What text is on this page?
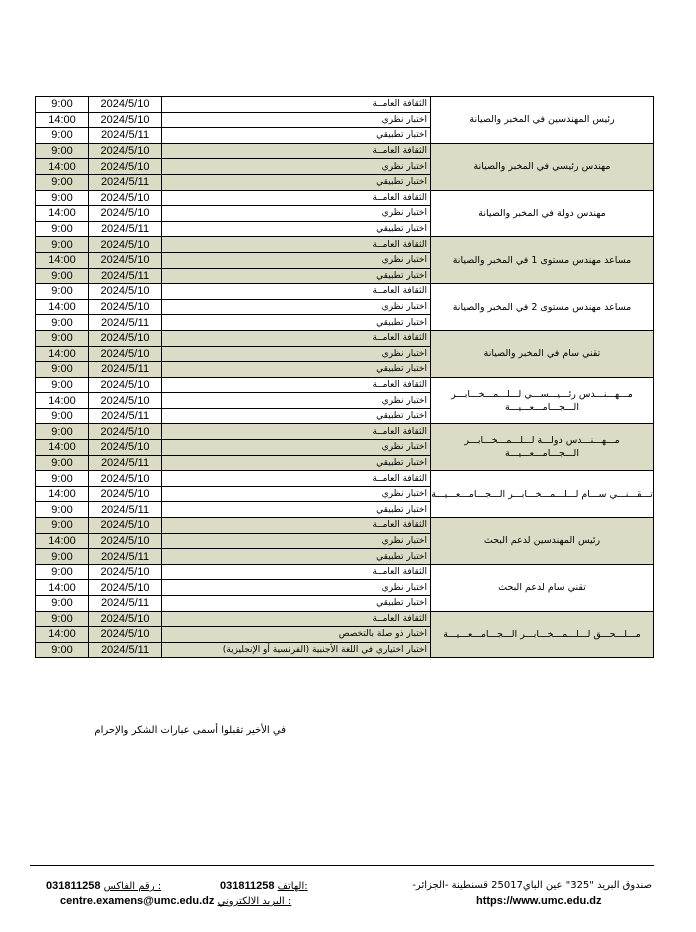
9:00	2024/5/10	الثقافة العامــة	رئيس المهندسين في المخبر والصيانة
14:00	2024/5/10	اختبار نظري	
9:00	2024/5/11	اختبار تطبيقي	
9:00	2024/5/10	الثقافة العامــة	مهندس رئيسي في المخبر والصيانة
14:00	2024/5/10	اختبار نظري	
9:00	2024/5/11	اختبار تطبيقي	
9:00	2024/5/10	الثقافة العامــة	مهندس دولة في المخبر والصيانة
14:00	2024/5/10	اختبار نظري	
9:00	2024/5/11	اختبار تطبيقي	
9:00	2024/5/10	الثقافة العامــة	مساعد مهندس مستوى 1 في المخبر والصيانة
14:00	2024/5/10	اختبار نظري	
9:00	2024/5/11	اختبار تطبيقي	
9:00	2024/5/10	الثقافة العامــة	مساعد مهندس مستوى 2 في المخبر والصيانة
14:00	2024/5/10	اختبار نظري	
9:00	2024/5/11	اختبار تطبيقي	
9:00	2024/5/10	الثقافة العامــة	تقني سام في المخبر والصيانة
14:00	2024/5/10	اختبار نظري	
9:00	2024/5/11	اختبار تطبيقي	
9:00	2024/5/10	الثقافة العامــة	مـــهـــنـــدس رئـــيـــســـي لـــلـــمـــخـــابـــر الـــجـــامـــعـــيـــة
14:00	2024/5/10	اختبار نظري	
9:00	2024/5/11	اختبار تطبيقي	
9:00	2024/5/10	الثقافة العامــة	مـــهـــنـــدس دولـــة لـــلـــمـــخـــابـــر الـــجـــامـــعـــيـــة
14:00	2024/5/10	اختبار نظري	
9:00	2024/5/11	اختبار تطبيقي	
9:00	2024/5/10	الثقافة العامــة	تـــقـــنـــي ســـام لـــلـــمـــخـــابـــر الـــجـــامـــعـــيـــة
14:00	2024/5/10	اختبار نظري	
9:00	2024/5/11	اختبار تطبيقي	
9:00	2024/5/10	الثقافة العامــة	رئيس المهندسين لدعم البحث
14:00	2024/5/10	اختبار نظري	
9:00	2024/5/11	اختبار تطبيقي	
9:00	2024/5/10	الثقافة العامــة	تقني سام لدعم البحث
14:00	2024/5/10	اختبار نظري	
9:00	2024/5/11	اختبار تطبيقي	
9:00	2024/5/10	الثقافة العامــة	مـــلـــحـــق لـــلـــمـــخـــابـــر الـــجـــامـــعـــيـــة
14:00	2024/5/10	اختبار ذو صلة بالتخصص	
9:00	2024/5/11	اختبار اختياري في اللغة الأجنبية (الفرنسية أو الإنجليزية)	
في الأخير تقبلوا أسمى عبارات الشكر والإحرام
031811258 رقم الفاكس :	031811258 الهاتف:	صندوق البريد "325" عين الباي25017 قسنطينة -الجزائر-
centre.examens@umc.edu.dz البريد الالكتروني :	https://www.umc.edu.dz
